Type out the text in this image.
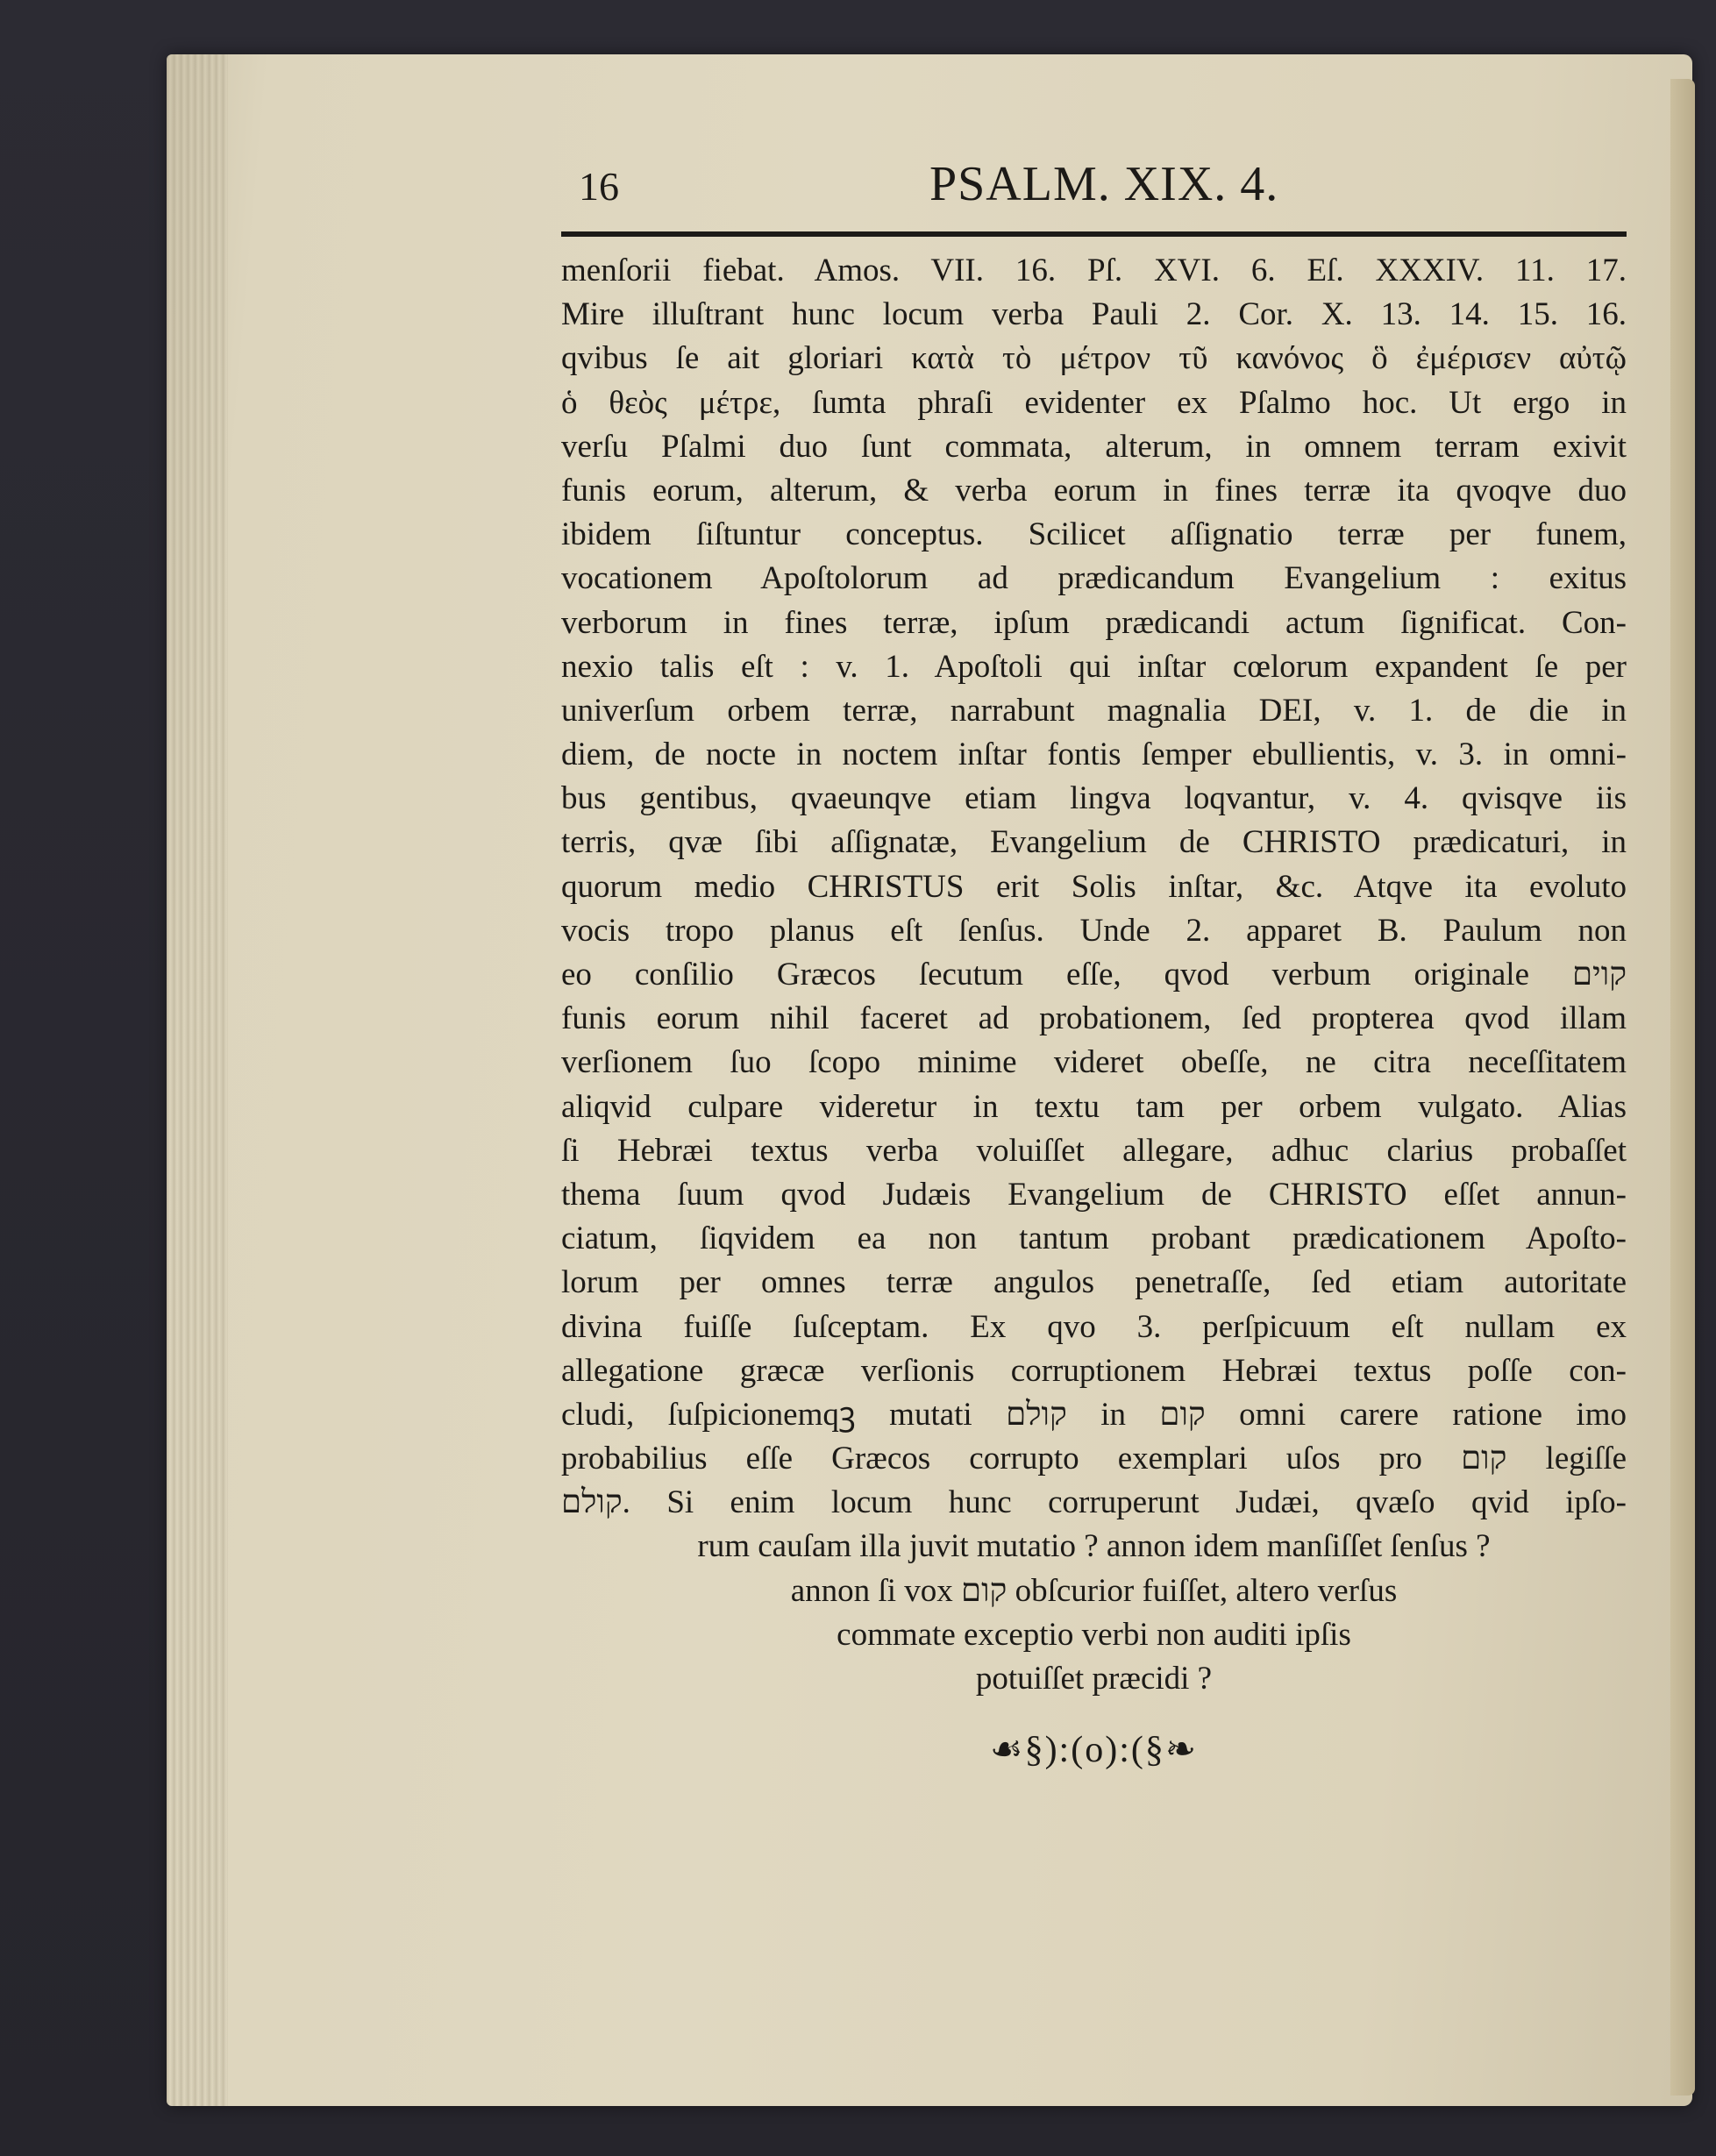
16	PSALM. XIX. 4.
menſorii fiebat. Amos. VII. 16. Pſ. XVI. 6. Eſ. XXXIV. 11. 17.
Mire illuſtrant hunc locum verba Pauli 2. Cor. X. 13. 14. 15. 16.
qvibus ſe ait gloriari κατὰ τὸ μέτρον τῦ κανόνος ὃ ἐμέρισεν αὐτῷ
ὁ θεὸς μέτρε, ſumta phraſi evidenter ex Pſalmo hoc. Ut ergo in
verſu Pſalmi duo ſunt commata, alterum, in omnem terram exivit
funis eorum, alterum, & verba eorum in fines terræ ita qvoqve duo
ibidem ſiſtuntur conceptus. Scilicet aſſignatio terræ per funem,
vocationem Apoſtolorum ad prædicandum Evangelium : exitus
verborum in fines terræ, ipſum prædicandi actum ſignificat. Con-
nexio talis eſt : v. 1. Apoſtoli qui inſtar cœlorum expandent ſe per
univerſum orbem terræ, narrabunt magnalia DEI, v. 1. de die in
diem, de nocte in noctem inſtar fontis ſemper ebullientis, v. 3. in omni-
bus gentibus, qvaeunqve etiam lingva loqvantur, v. 4. qvisqve iis
terris, qvæ ſibi aſſignatæ, Evangelium de CHRISTO prædicaturi, in
quorum medio CHRISTUS erit Solis inſtar, &c. Atqve ita evoluto
vocis tropo planus eſt ſenſus. Unde 2. apparet B. Paulum non
eo conſilio Græcos ſecutum eſſe, qvod verbum originale קוים
funis eorum nihil faceret ad probationem, ſed propterea qvod illam
verſionem ſuo ſcopo minime videret obeſſe, ne citra neceſſitatem
aliqvid culpare videretur in textu tam per orbem vulgato. Alias
ſi Hebræi textus verba voluiſſet allegare, adhuc clarius probaſſet
thema ſuum qvod Judæis Evangelium de CHRISTO eſſet annun-
ciatum, ſiqvidem ea non tantum probant prædicationem Apoſto-
lorum per omnes terræ angulos penetraſſe, ſed etiam autoritate
divina fuiſſe ſuſceptam. Ex qvo 3. perſpicuum eſt nullam ex
allegatione græcæ verſionis corruptionem Hebræi textus poſſe con-
cludi, ſuſpicionemqꝫ mutati קולם in קום omni carere ratione imo
probabilius eſſe Græcos corrupto exemplari uſos pro קום legiſſe
קולם. Si enim locum hunc corruperunt Judæi, qvæſo qvid ipſo-
rum cauſam illa juvit mutatio ? annon idem manſiſſet ſenſus ?
annon ſi vox קום obſcurior fuiſſet, altero verſus
commate exceptio verbi non auditi ipſis
potuiſſet præcidi ?
☙§):(o):(§❧
